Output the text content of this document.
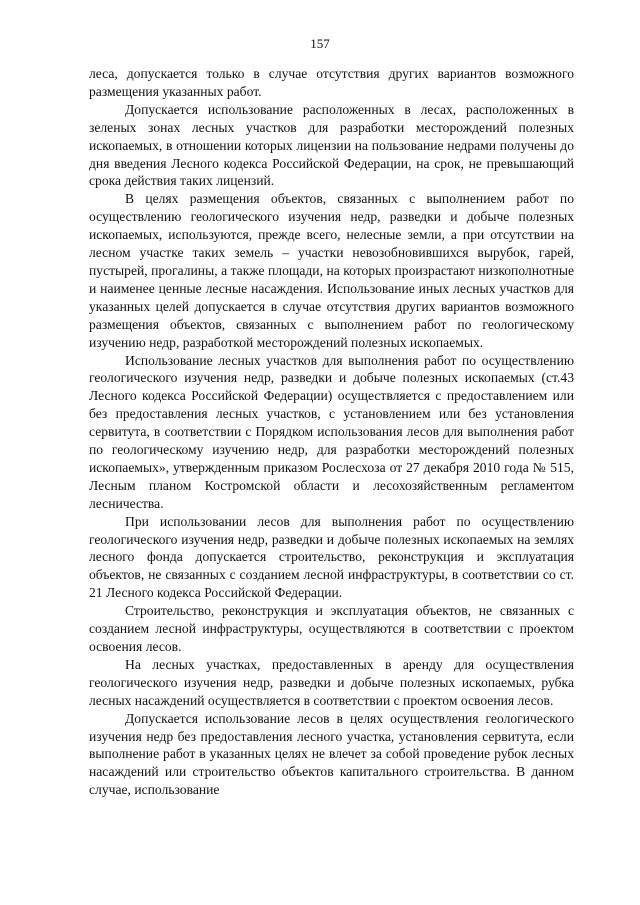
157

леса, допускается только в случае отсутствия других вариантов возможного размещения указанных работ.

Допускается использование расположенных в лесах, расположенных в зеленых зонах лесных участков для разработки месторождений полезных ископаемых, в отношении которых лицензии на пользование недрами получены до дня введения Лесного кодекса Российской Федерации, на срок, не превышающий срока действия таких лицензий.

В целях размещения объектов, связанных с выполнением работ по осуществлению геологического изучения недр, разведки и добыче полезных ископаемых, используются, прежде всего, нелесные земли, а при отсутствии на лесном участке таких земель – участки невозобновившихся вырубок, гарей, пустырей, прогалины, а также площади, на которых произрастают низкополнотные и наименее ценные лесные насаждения. Использование иных лесных участков для указанных целей допускается в случае отсутствия других вариантов возможного размещения объектов, связанных с выполнением работ по геологическому изучению недр, разработкой месторождений полезных ископаемых.

Использование лесных участков для выполнения работ по осуществлению геологического изучения недр, разведки и добыче полезных ископаемых (ст.43 Лесного кодекса Российской Федерации) осуществляется с предоставлением или без предоставления лесных участков, с установлением или без установления сервитута, в соответствии с Порядком использования лесов для выполнения работ по геологическому изучению недр, для разработки месторождений полезных ископаемых», утвержденным приказом Рослесхоза от 27 декабря 2010 года № 515, Лесным планом Костромской области и лесохозяйственным регламентом лесничества.

При использовании лесов для выполнения работ по осуществлению геологического изучения недр, разведки и добыче полезных ископаемых на землях лесного фонда допускается строительство, реконструкция и эксплуатация объектов, не связанных с созданием лесной инфраструктуры, в соответствии со ст. 21 Лесного кодекса Российской Федерации.

Строительство, реконструкция и эксплуатация объектов, не связанных с созданием лесной инфраструктуры, осуществляются в соответствии с проектом освоения лесов.

На лесных участках, предоставленных в аренду для осуществления геологического изучения недр, разведки и добыче полезных ископаемых, рубка лесных насаждений осуществляется в соответствии с проектом освоения лесов.

Допускается использование лесов в целях осуществления геологического изучения недр без предоставления лесного участка, установления сервитута, если выполнение работ в указанных целях не влечет за собой проведение рубок лесных насаждений или строительство объектов капитального строительства. В данном случае, использование
